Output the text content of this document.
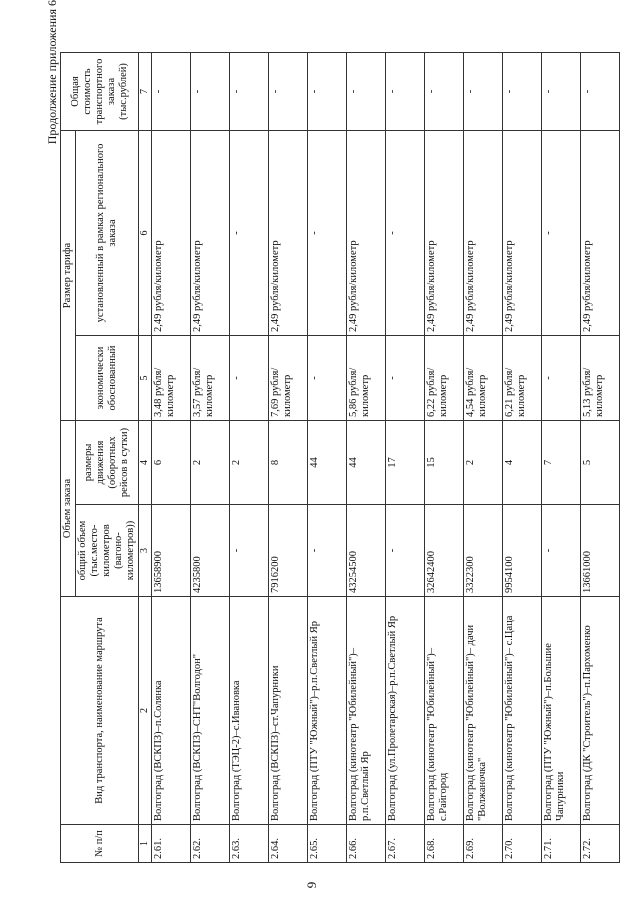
9
Продолжение приложения 6
№ п/п	Вид транспорта, наименование маршрута	Объем заказа		Размер тарифа		Общая стоимость транспортного заказа (тыс.рублей)
		общий объем (тыс.место-километров (вагоно-километров))	размеры движения (оборотных рейсов в сутки)	экономически обоснованный	установленный в рамках регионального заказа	
1	2	3	4	5	6	7
2.61.	Волгоград (ВСКПЗ)–п.Солянка	13658900	6	3,48 рубля/ километр	2,49 рубля/километр	-
2.62.	Волгоград (ВСКПЗ)–СНТ"Волгодон"	4235800	2	3,57 рубля/ километр	2,49 рубля/километр	-
2.63.	Волгоград (ТЭЦ-2)–с.Ивановка	-	2	-	-	-
2.64.	Волгоград (ВСКПЗ)–ст.Чапурники	7916200	8	7,69 рубля/ километр	2,49 рубля/километр	-
2.65.	Волгоград (ПТУ "Южный")–р.п.Светлый Яр	-	44	-	-	-
2.66.	Волгоград (кинотеатр "Юбилейный")– р.п.Светлый Яр	43254500	44	5,86 рубля/ километр	2,49 рубля/километр	-
2.67.	Волгоград (ул.Пролетарская)–р.п.Светлый Яр	-	17	-	-	-
2.68.	Волгоград (кинотеатр "Юбилейный")– с.Райгород	32642400	15	6,22 рубля/ километр	2,49 рубля/километр	-
2.69.	Волгоград (кинотеатр "Юбилейный")– дачи "Волжаночка"	3322300	2	4,54 рубля/ километр	2,49 рубля/километр	-
2.70.	Волгоград (кинотеатр "Юбилейный")– с.Цаца	9954100	4	6,21 рубля/ километр	2,49 рубля/километр	-
2.71.	Волгоград (ПТУ "Южный")–п.Большие Чапурники	-	7	-	-	-
2.72.	Волгоград (ДК "Строитель")–п.Пархоменко	13661000	5	5,13 рубля/ километр	2,49 рубля/километр	-
